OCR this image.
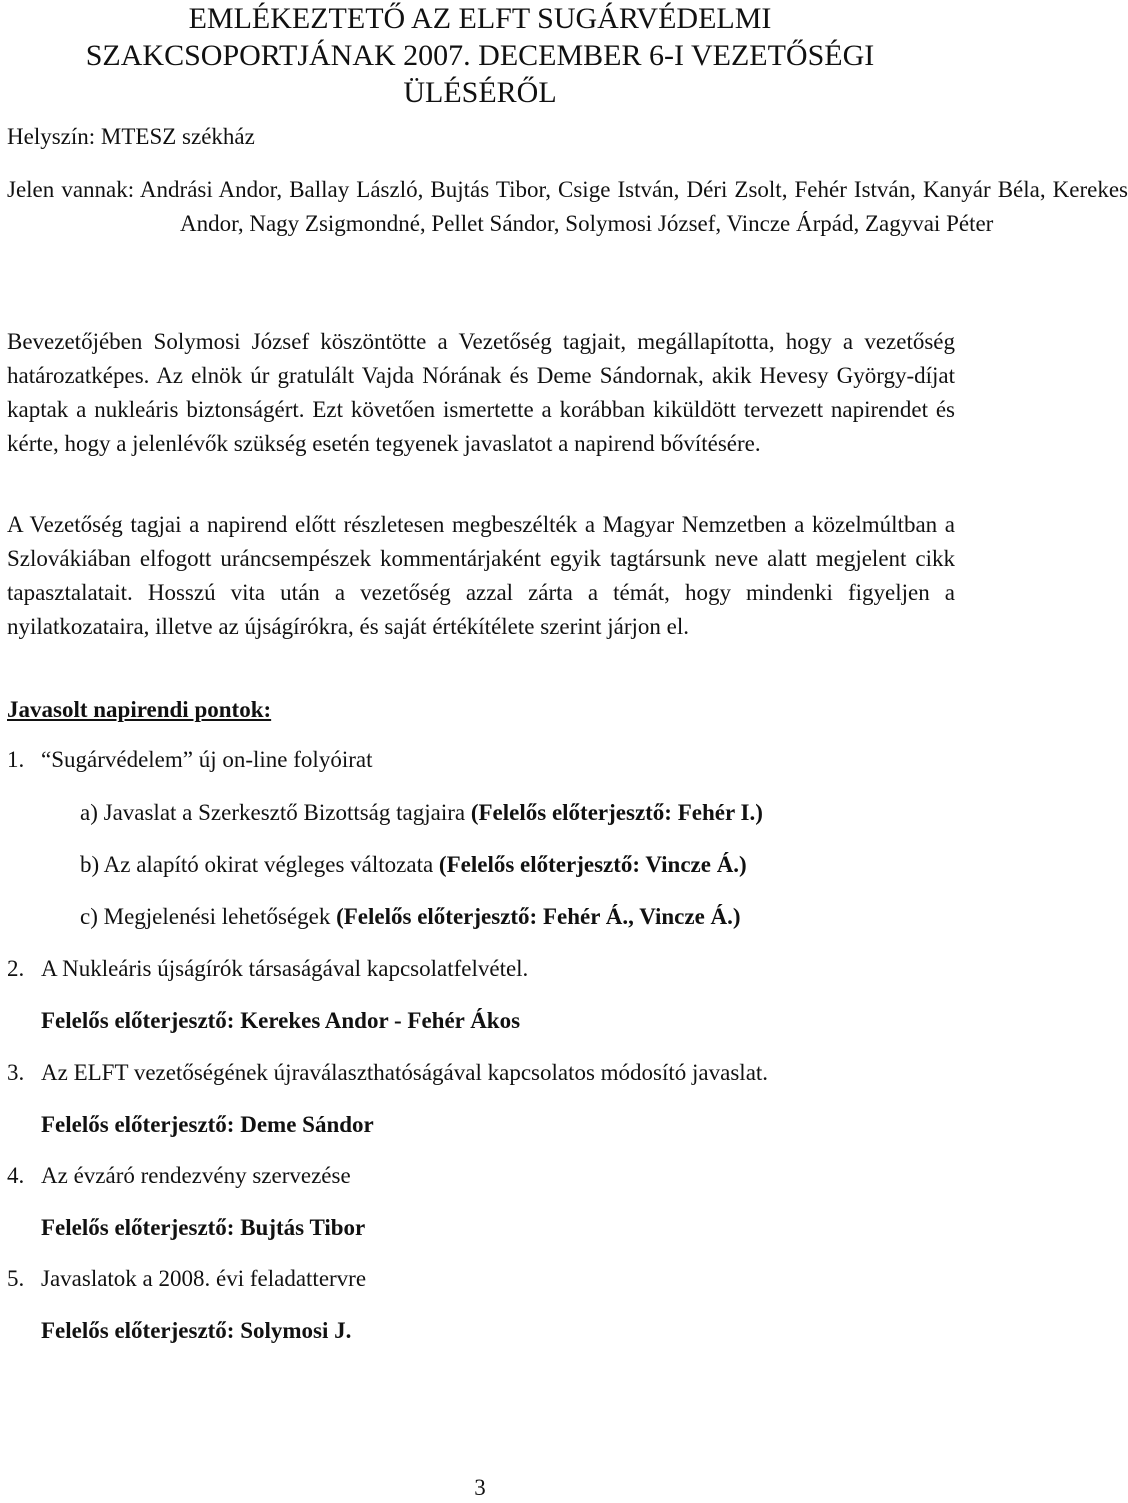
EMLÉKEZTETŐ AZ ELFT SUGÁRVÉDELMI
SZAKCSOPORTJÁNAK 2007. DECEMBER 6-I VEZETŐSÉGI
ÜLÉSÉRŐL
Helyszín: MTESZ székház
Jelen vannak: Andrási Andor, Ballay László, Bujtás Tibor, Csige István, Déri Zsolt, Fehér István, Kanyár Béla, Kerekes Andor, Nagy Zsigmondné, Pellet Sándor, Solymosi József, Vincze Árpád, Zagyvai Péter
Bevezetőjében Solymosi József köszöntötte a Vezetőség tagjait, megállapította, hogy a vezetőség határozatképes. Az elnök úr gratulált Vajda Nórának és Deme Sándornak, akik Hevesy György-díjat kaptak a nukleáris biztonságért. Ezt követően ismertette a korábban kiküldött tervezett napirendet és kérte, hogy a jelenlévők szükség esetén tegyenek javaslatot a napirend bővítésére.
A Vezetőség tagjai a napirend előtt részletesen megbeszélték a Magyar Nemzetben a közelmúltban a Szlovákiában elfogott uráncsempészek kommentárjaként egyik tagtársunk neve alatt megjelent cikk tapasztalatait. Hosszú vita után a vezetőség azzal zárta a témát, hogy mindenki figyeljen a nyilatkozataira, illetve az újságírókra, és saját értékítélete szerint járjon el.
Javasolt napirendi pontok:
1. “Sugárvédelem” új on-line folyóirat
a) Javaslat a Szerkesztő Bizottság tagjaira (Felelős előterjesztő: Fehér I.)
b) Az alapító okirat végleges változata (Felelős előterjesztő: Vincze Á.)
c) Megjelenési lehetőségek (Felelős előterjesztő: Fehér Á., Vincze Á.)
2. A Nukleáris újságírók társaságával kapcsolatfelvétel.
Felelős előterjesztő: Kerekes Andor - Fehér Ákos
3. Az ELFT vezetőségének újraválaszthatóságával kapcsolatos módosító javaslat.
Felelős előterjesztő: Deme Sándor
4. Az évzáró rendezvény szervezése
Felelős előterjesztő: Bujtás Tibor
5. Javaslatok a 2008. évi feladattervre
Felelős előterjesztő: Solymosi J.
3
